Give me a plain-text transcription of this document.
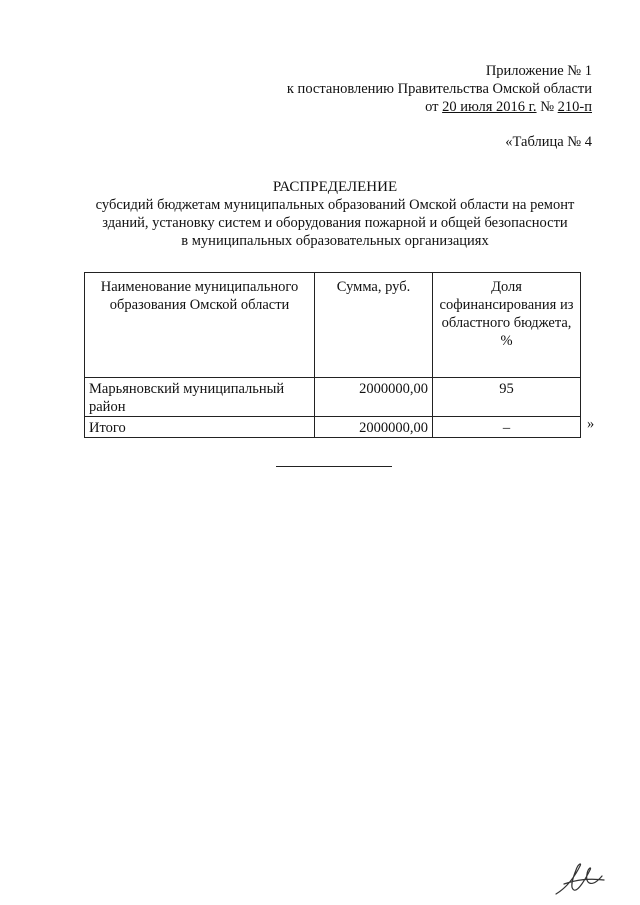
Приложение № 1
к постановлению Правительства Омской области
от 20 июля 2016 г. № 210-п
«Таблица № 4
РАСПРЕДЕЛЕНИЕ
субсидий бюджетам муниципальных образований Омской области на ремонт
зданий, установку систем и оборудования пожарной и общей безопасности
в муниципальных образовательных организациях
Наименование муниципального образования Омской области	Сумма, руб.	Доля софинансирования из областного бюджета, %
Марьяновский муниципальный район	2000000,00	95
Итого	2000000,00	–	»
